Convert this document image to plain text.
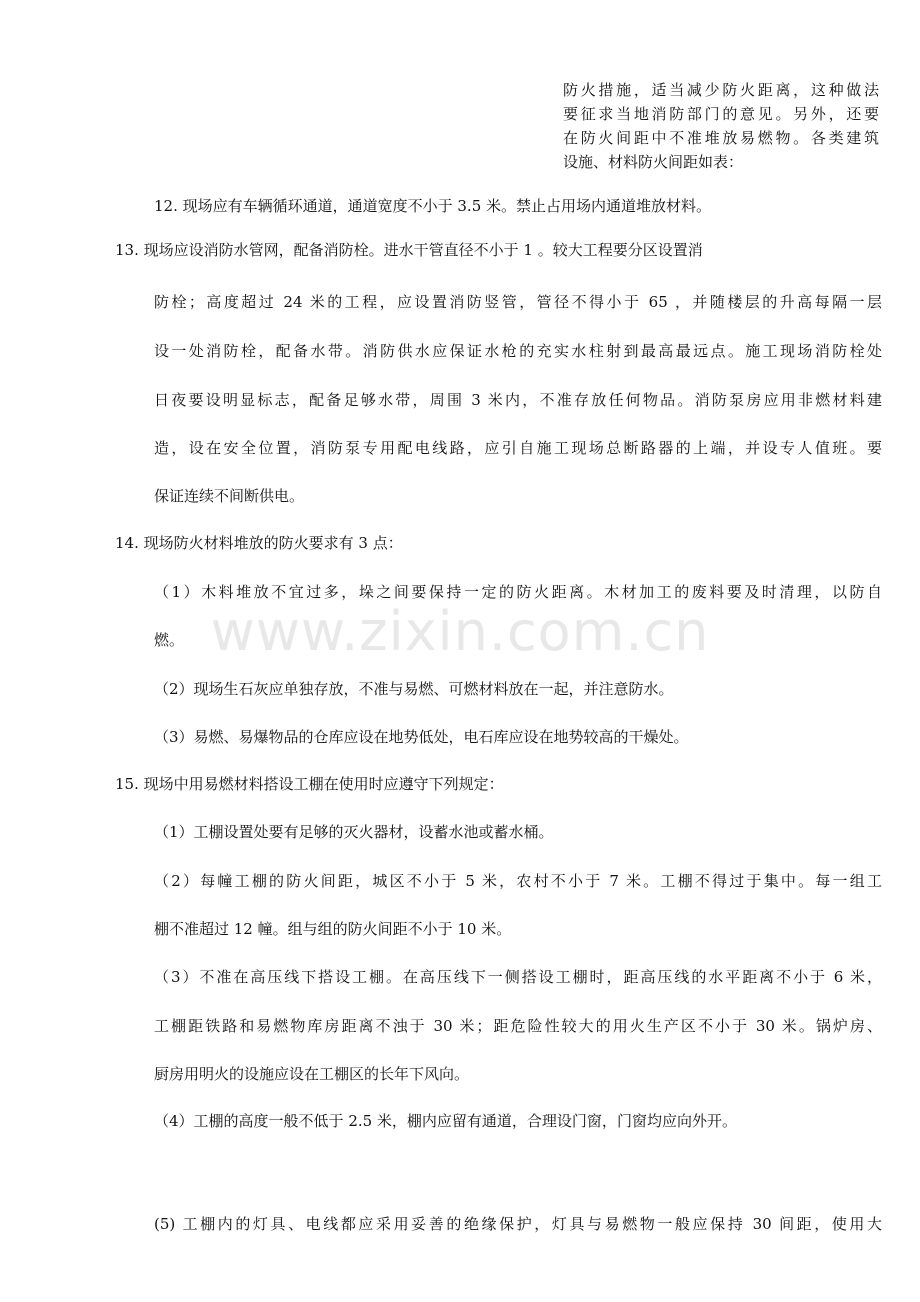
www.zixin.com.cn
防火措施，适当减少防火距离，这种做法
要征求当地消防部门的意见。另外，还要
在防火间距中不准堆放易燃物。各类建筑
设施、材料防火间距如表：
12. 现场应有车辆循环通道，通道宽度不小于 3.5 米。禁止占用场内通道堆放材料。
13. 现场应设消防水管网，配备消防栓。进水干管直径不小于 1 。较大工程要分区设置消
防栓；高度超过 24 米的工程，应设置消防竖管，管径不得小于 65 ，并随楼层的升高每隔一层
设一处消防栓，配备水带。消防供水应保证水枪的充实水柱射到最高最远点。施工现场消防栓处
日夜要设明显标志，配备足够水带，周围 3 米内，不准存放任何物品。消防泵房应用非燃材料建
造，设在安全位置，消防泵专用配电线路，应引自施工现场总断路器的上端，并设专人值班。要
保证连续不间断供电。
14. 现场防火材料堆放的防火要求有 3 点：
（1）木料堆放不宜过多，垛之间要保持一定的防火距离。木材加工的废料要及时清理，以防自
燃。
（2）现场生石灰应单独存放，不准与易燃、可燃材料放在一起，并注意防水。
（3）易燃、易爆物品的仓库应设在地势低处，电石库应设在地势较高的干燥处。
15. 现场中用易燃材料搭设工棚在使用时应遵守下列规定：
（1）工棚设置处要有足够的灭火器材，设蓄水池或蓄水桶。
（2）每幢工棚的防火间距，城区不小于 5 米，农村不小于 7 米。工棚不得过于集中。每一组工
棚不准超过 12 幢。组与组的防火间距不小于 10 米。
（3）不准在高压线下搭设工棚。在高压线下一侧搭设工棚时，距高压线的水平距离不小于 6 米，
工棚距铁路和易燃物库房距离不浊于 30 米；距危险性较大的用火生产区不小于 30 米。锅炉房、
厨房用明火的设施应设在工棚区的长年下风向。
（4）工棚的高度一般不低于 2.5 米，棚内应留有通道，合理设门窗，门窗均应向外开。
(5) 工棚内的灯具、电线都应采用妥善的绝缘保护，灯具与易燃物一般应保持 30 间距，使用大
